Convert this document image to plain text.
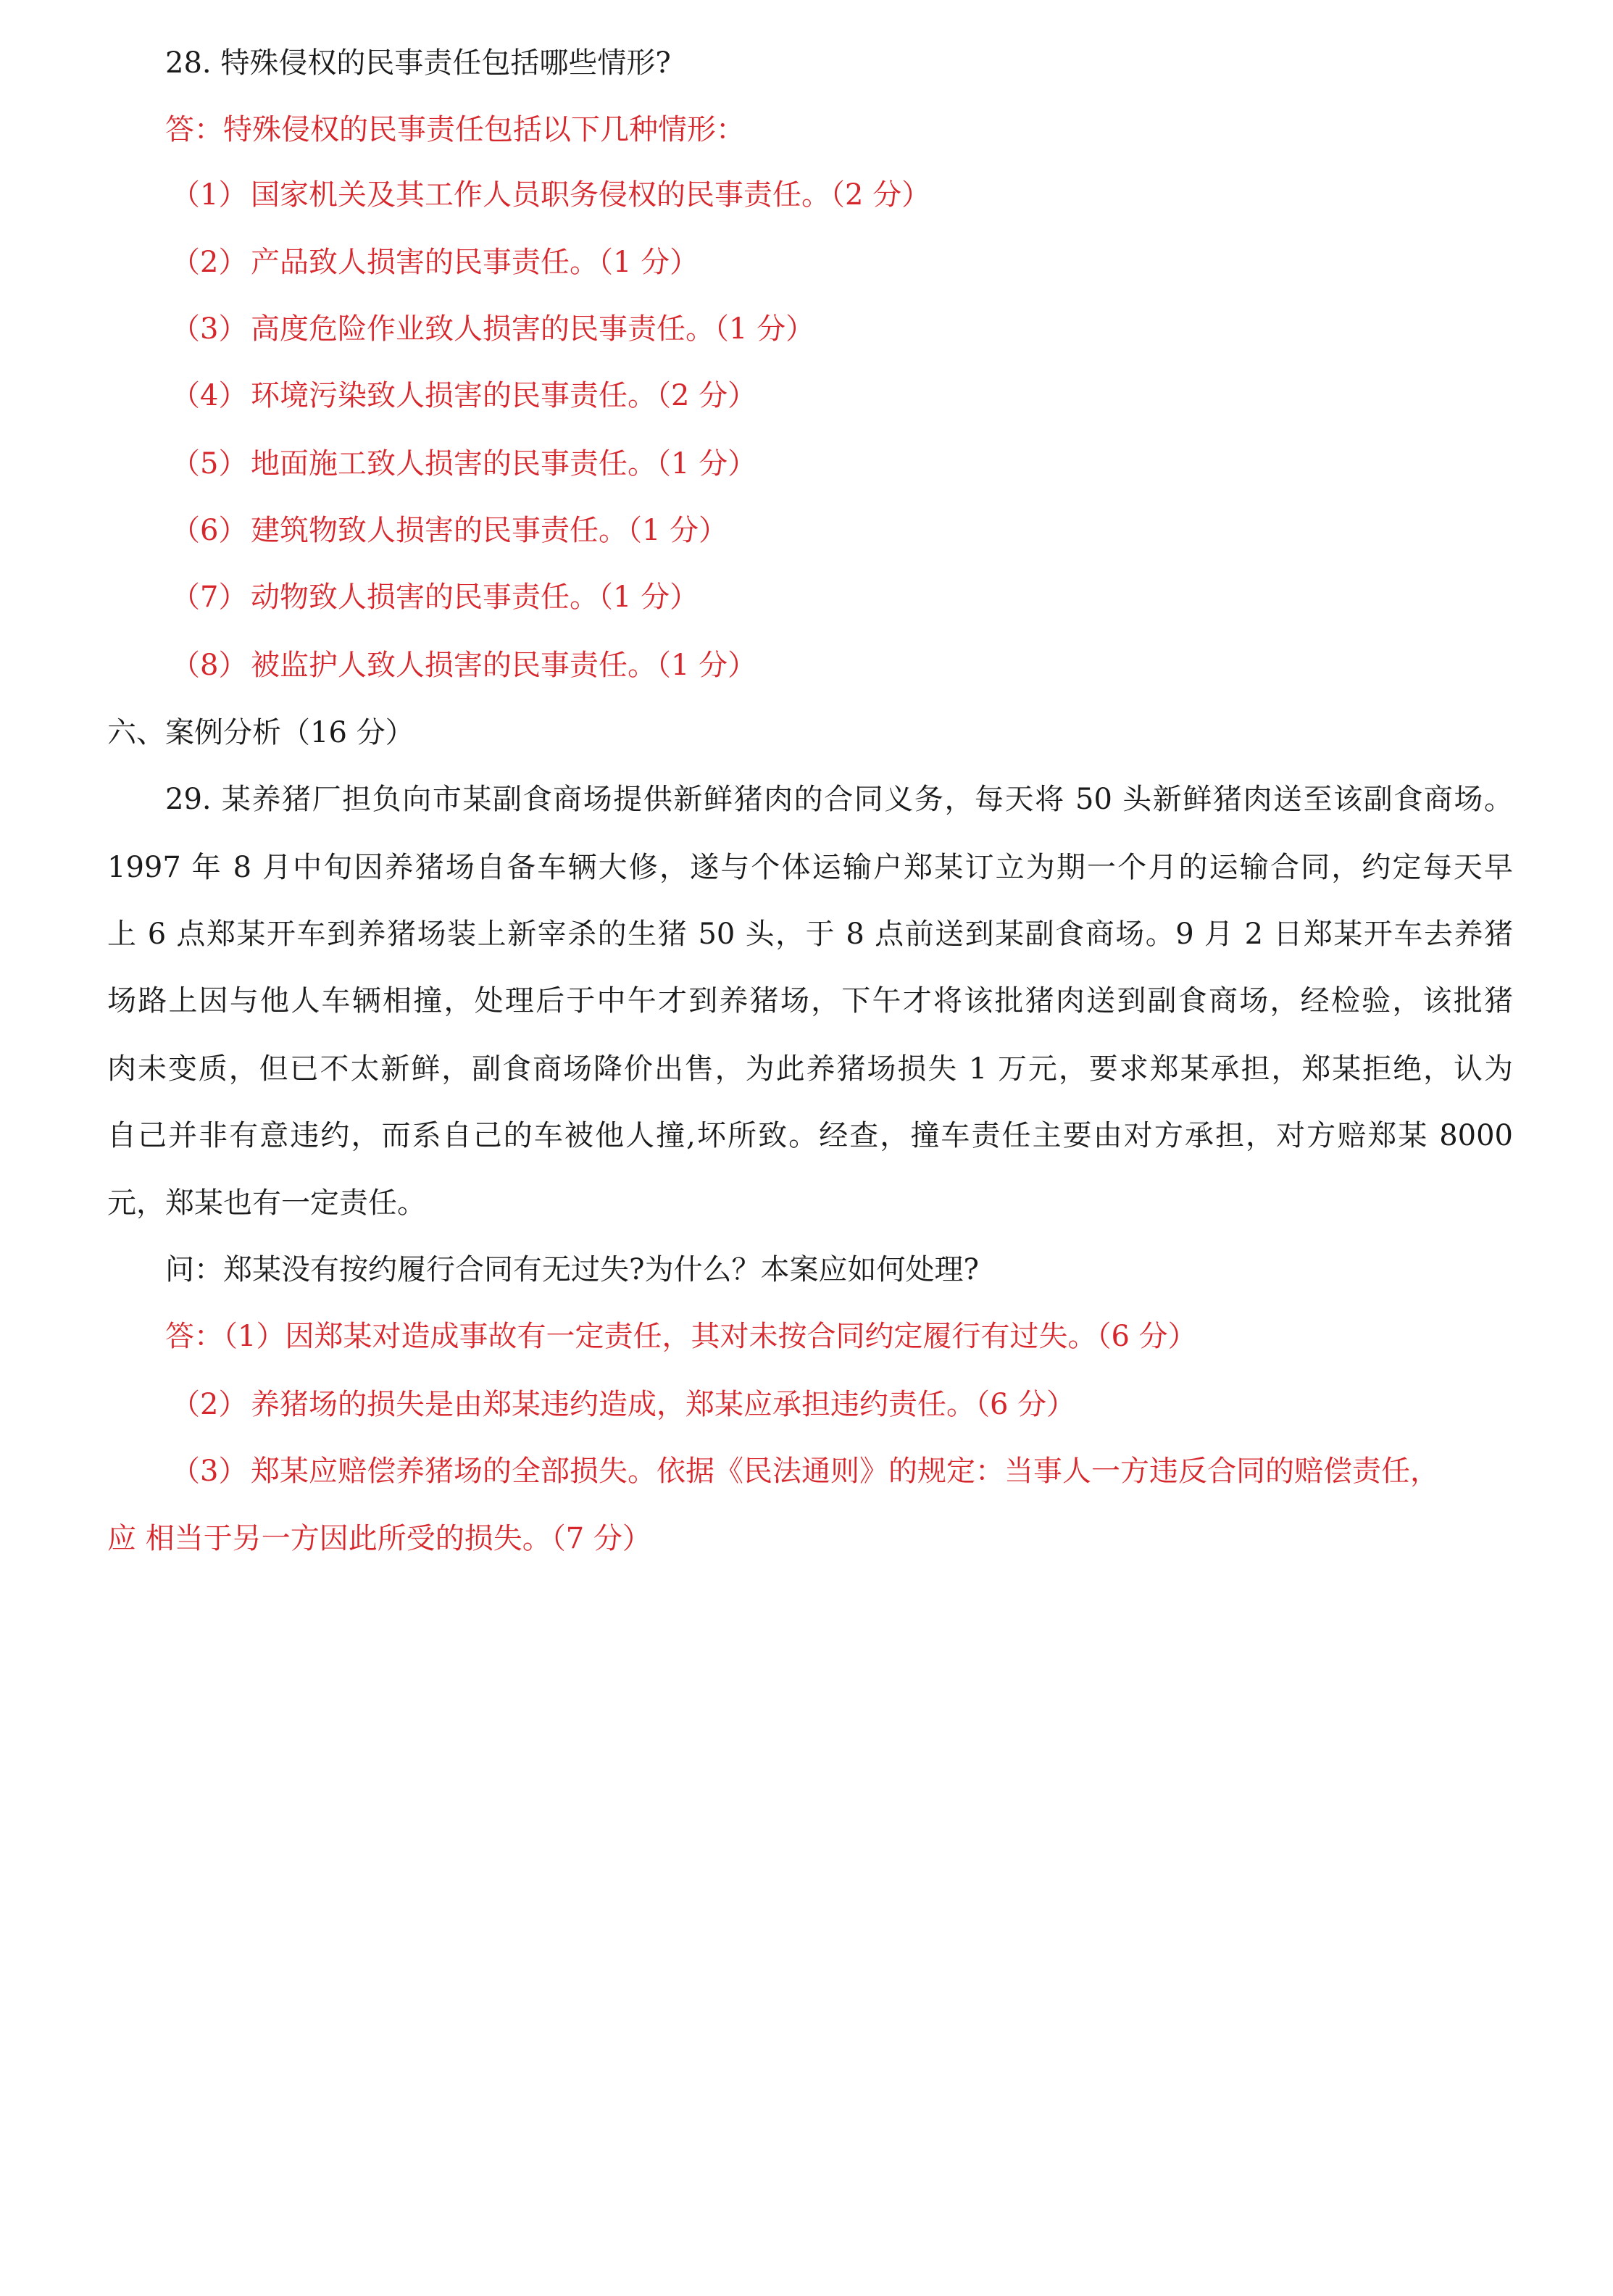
28. 特殊侵权的民事责任包括哪些情形?
答：特殊侵权的民事责任包括以下几种情形：
（1） 国家机关及其工作人员职务侵权的民事责任。（2 分）
（2） 产品致人损害的民事责任。（1 分）
（3） 高度危险作业致人损害的民事责任。（1 分）
（4） 环境污染致人损害的民事责任。（2 分）
（5） 地面施工致人损害的民事责任。（1 分）
（6） 建筑物致人损害的民事责任。（1 分）
（7） 动物致人损害的民事责任。（1 分）
（8） 被监护人致人损害的民事责任。（1 分）
六、案例分析（16 分）
29. 某养猪厂担负向市某副食商场提供新鲜猪肉的合同义务，每天将 50 头新鲜猪肉送至该副食商场。
1997 年 8 月中旬因养猪场自备车辆大修，遂与个体运输户郑某订立为期一个月的运输合同，约定每天早
上 6 点郑某开车到养猪场装上新宰杀的生猪 50 头，于 8 点前送到某副食商场。9 月 2 日郑某开车去养猪
场路上因与他人车辆相撞，处理后于中午才到养猪场，下午才将该批猪肉送到副食商场，经检验，该批猪
肉未变质，但已不太新鲜，副食商场降价出售，为此养猪场损失 1 万元，要求郑某承担，郑某拒绝，认为
自己并非有意违约，而系自己的车被他人撞,坏所致。经查，撞车责任主要由对方承担，对方赔郑某 8000
元，郑某也有一定责任。
问：郑某没有按约履行合同有无过失?为什么？本案应如何处理?
答：（1）因郑某对造成事故有一定责任，其对未按合同约定履行有过失。（6 分）
（2） 养猪场的损失是由郑某违约造成，郑某应承担违约责任。（6 分）
（3） 郑某应赔偿养猪场的全部损失。依据《民法通则》的规定：当事人一方违反合同的赔偿责任，
应 相当于另一方因此所受的损失。（7 分）
